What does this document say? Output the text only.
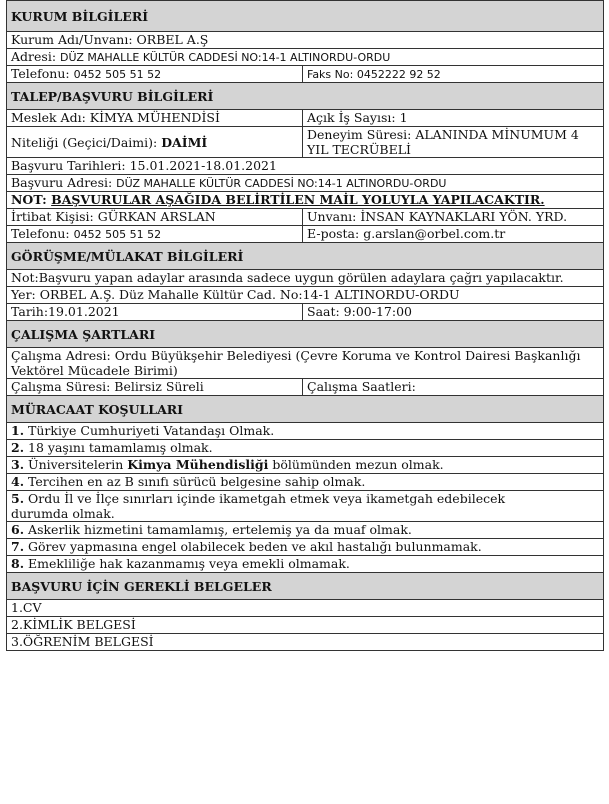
KURUM BİLGİLERİ	
Kurum Adı/Unvanı: ORBEL A.Ş	
Adresi: DÜZ MAHALLE KÜLTÜR CADDESİ NO:14-1 ALTINORDU-ORDU	
Telefonu: 0452 505 51 52	Faks No: 0452222 92 52
TALEP/BAŞVURU BİLGİLERİ	
Meslek Adı: KİMYA MÜHENDİSİ	Açık İş Sayısı: 1
Niteliği (Geçici/Daimi): DAİMİ	Deneyim Süresi: ALANINDA MİNUMUM 4 YIL TECRÜBELİ
Başvuru Tarihleri: 15.01.2021-18.01.2021	
Başvuru Adresi: DÜZ MAHALLE KÜLTÜR CADDESİ NO:14-1 ALTINORDU-ORDU	
NOT: BAŞVURULAR AŞAĞIDA BELİRTİLEN MAİL YOLUYLA YAPILACAKTIR.	
İrtibat Kişisi: GÜRKAN ARSLAN	Unvanı: İNSAN KAYNAKLARI YÖN. YRD.
Telefonu: 0452 505 51 52	E-posta: g.arslan@orbel.com.tr
GÖRÜŞME/MÜLAKAT BİLGİLERİ	
Not:Başvuru yapan adaylar arasında sadece uygun görülen adaylara çağrı yapılacaktır.	
Yer: ORBEL A.Ş. Düz Mahalle Kültür Cad. No:14-1 ALTINORDU-ORDU	
Tarih:19.01.2021	Saat: 9:00-17:00
ÇALIŞMA ŞARTLARI	
Çalışma Adresi: Ordu Büyükşehir Belediyesi (Çevre Koruma ve Kontrol Dairesi Başkanlığı Vektörel Mücadele Birimi)	
Çalışma Süresi: Belirsiz Süreli	Çalışma Saatleri:
MÜRACAAT KOŞULLARI	
1. Türkiye Cumhuriyeti Vatandaşı Olmak.	
2. 18 yaşını tamamlamış olmak.	
3. Üniversitelerin Kimya Mühendisliği bölümünden mezun olmak.	
4. Tercihen en az B sınıfı sürücü belgesine sahip olmak.	
5. Ordu İl ve İlçe sınırları içinde ikametgah etmek veya ikametgah edebilecek durumda olmak.	
6. Askerlik hizmetini tamamlamış, ertelemiş ya da muaf olmak.	
7. Görev yapmasına engel olabilecek beden ve akıl hastalığı bulunmamak.	
8. Emekliliğe hak kazanmamış veya emekli olmamak.	
BAŞVURU İÇİN GEREKLİ BELGELER	
1.CV	
2.KİMLİK BELGESİ	
3.ÖĞRENİM BELGESİ	
